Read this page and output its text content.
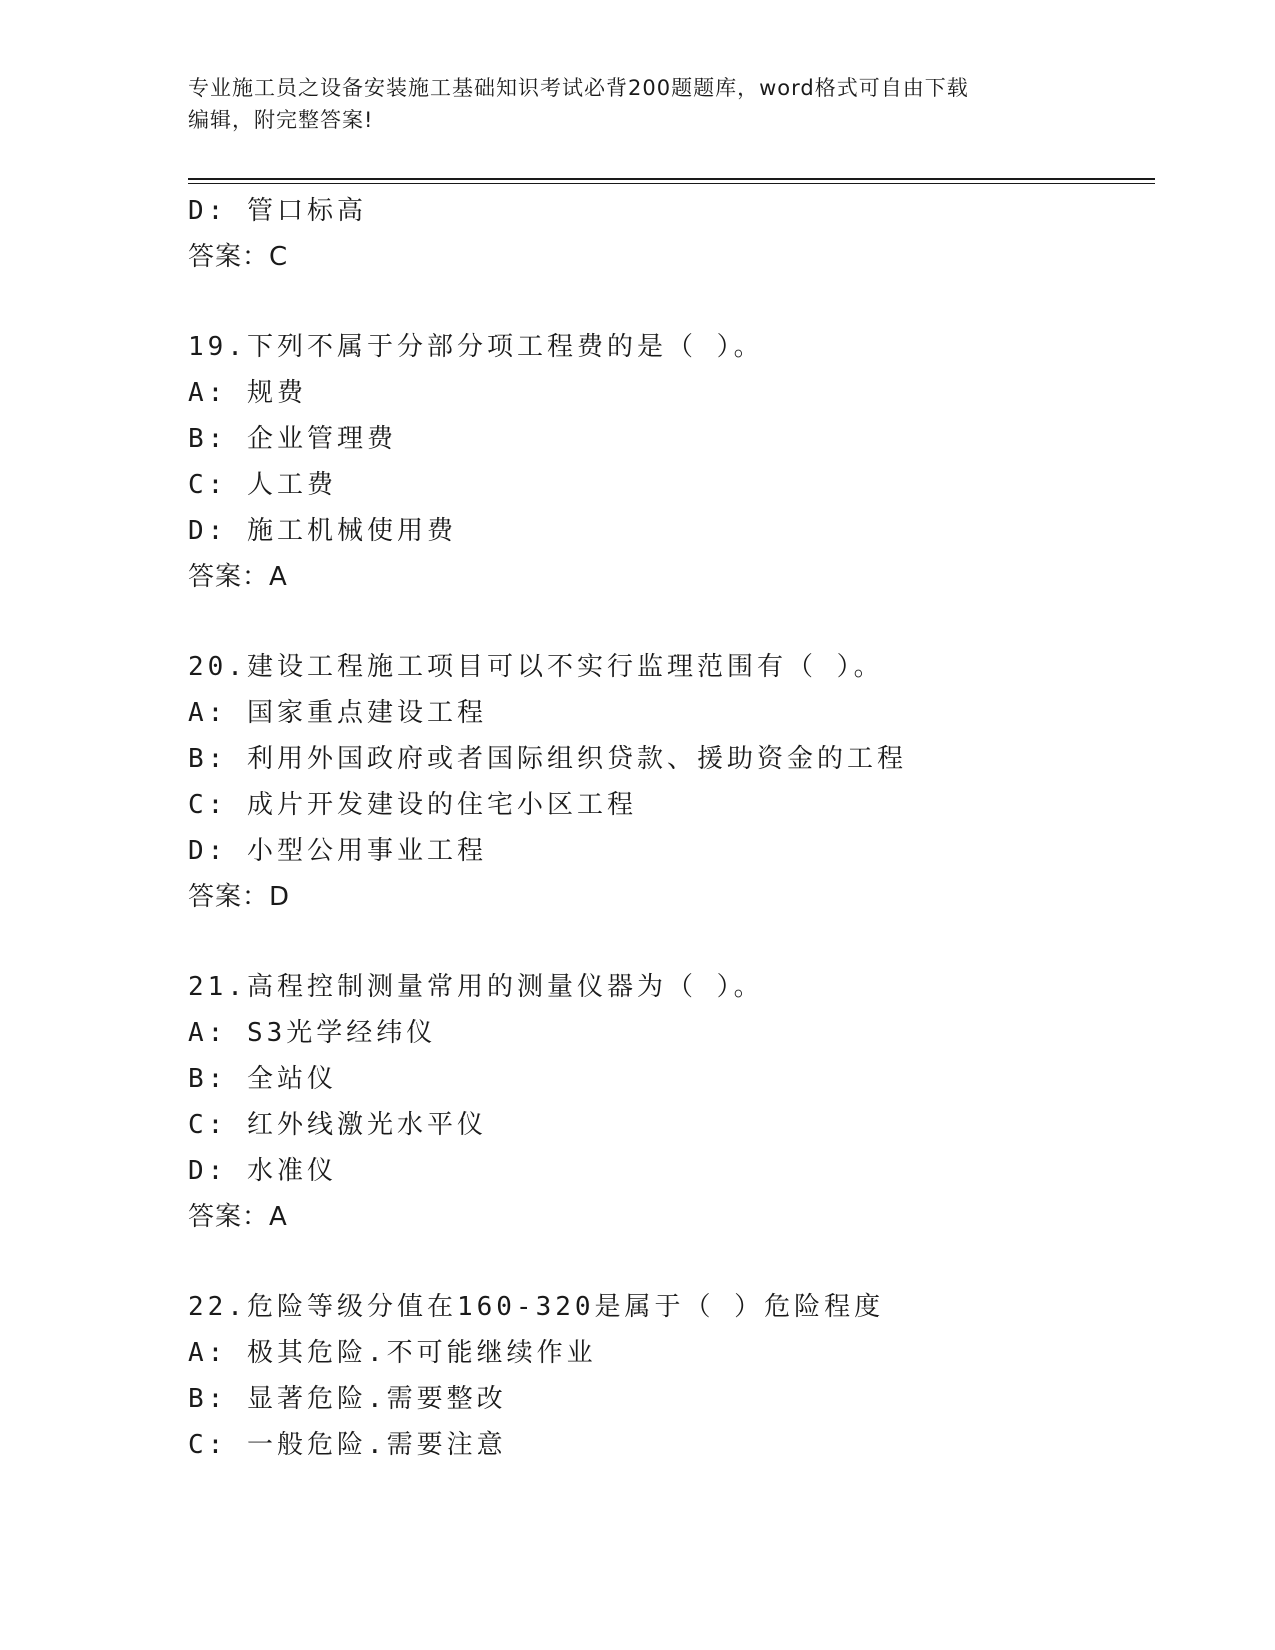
专业施工员之设备安装施工基础知识考试必背200题题库，word格式可自由下载
编辑，附完整答案!
D: 管口标高
答案：C
19.下列不属于分部分项工程费的是（ ）。
A: 规费
B: 企业管理费
C: 人工费
D: 施工机械使用费
答案：A
20.建设工程施工项目可以不实行监理范围有（ ）。
A: 国家重点建设工程
B: 利用外国政府或者国际组织贷款、援助资金的工程
C: 成片开发建设的住宅小区工程
D: 小型公用事业工程
答案：D
21.高程控制测量常用的测量仪器为（ ）。
A: S3光学经纬仪
B: 全站仪
C: 红外线激光水平仪
D: 水准仪
答案：A
22.危险等级分值在160-320是属于（ ）危险程度
A: 极其危险.不可能继续作业
B: 显著危险.需要整改
C: 一般危险.需要注意
